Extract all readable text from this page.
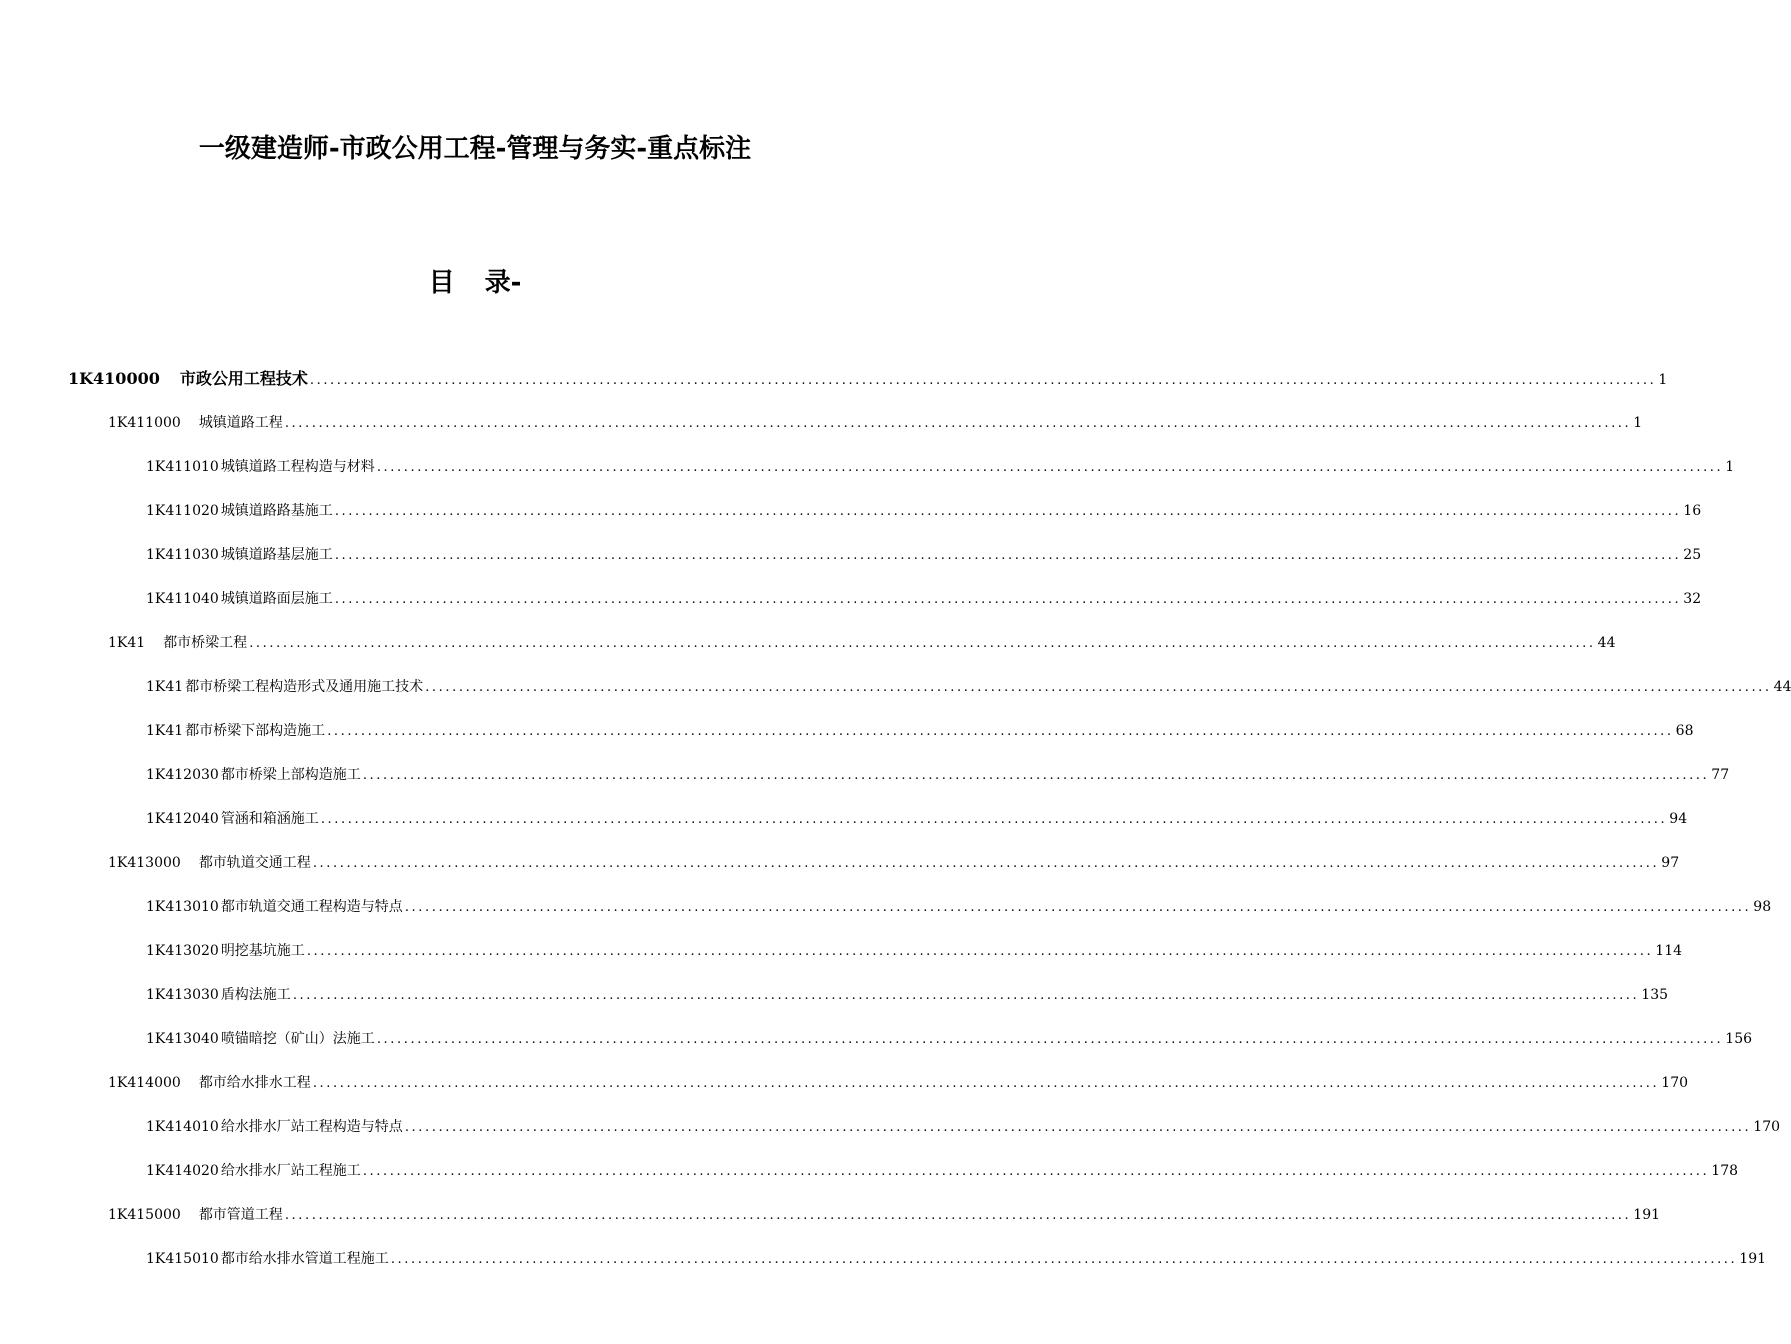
一级建造师-市政公用工程-管理与务实-重点标注
目 录-
1K410000 市政公用工程技术 ........................................................................................................................................................................................................ 1
1K411000 城镇道路工程 ........................................................................................................................................................................................................ 1
1K411010 城镇道路工程构造与材料 ........................................................................................................................................................................................................ 1
1K411020 城镇道路路基施工 ........................................................................................................................................................................................................ 16
1K411030 城镇道路基层施工 ........................................................................................................................................................................................................ 25
1K411040 城镇道路面层施工 ........................................................................................................................................................................................................ 32
1K41 都市桥梁工程 ........................................................................................................................................................................................................ 44
1K41 都市桥梁工程构造形式及通用施工技术 ........................................................................................................................................................................................................ 44
1K41 都市桥梁下部构造施工 ........................................................................................................................................................................................................ 68
1K412030 都市桥梁上部构造施工 ........................................................................................................................................................................................................ 77
1K412040 管涵和箱涵施工 ........................................................................................................................................................................................................ 94
1K413000 都市轨道交通工程 ........................................................................................................................................................................................................ 97
1K413010 都市轨道交通工程构造与特点 ........................................................................................................................................................................................................ 98
1K413020 明挖基坑施工 ........................................................................................................................................................................................................ 114
1K413030 盾构法施工 ........................................................................................................................................................................................................ 135
1K413040 喷锚暗挖（矿山）法施工 ........................................................................................................................................................................................................ 156
1K414000 都市给水排水工程 ........................................................................................................................................................................................................ 170
1K414010 给水排水厂站工程构造与特点 ........................................................................................................................................................................................................ 170
1K414020 给水排水厂站工程施工 ........................................................................................................................................................................................................ 178
1K415000 都市管道工程 ........................................................................................................................................................................................................ 191
1K415010 都市给水排水管道工程施工 ........................................................................................................................................................................................................ 191
